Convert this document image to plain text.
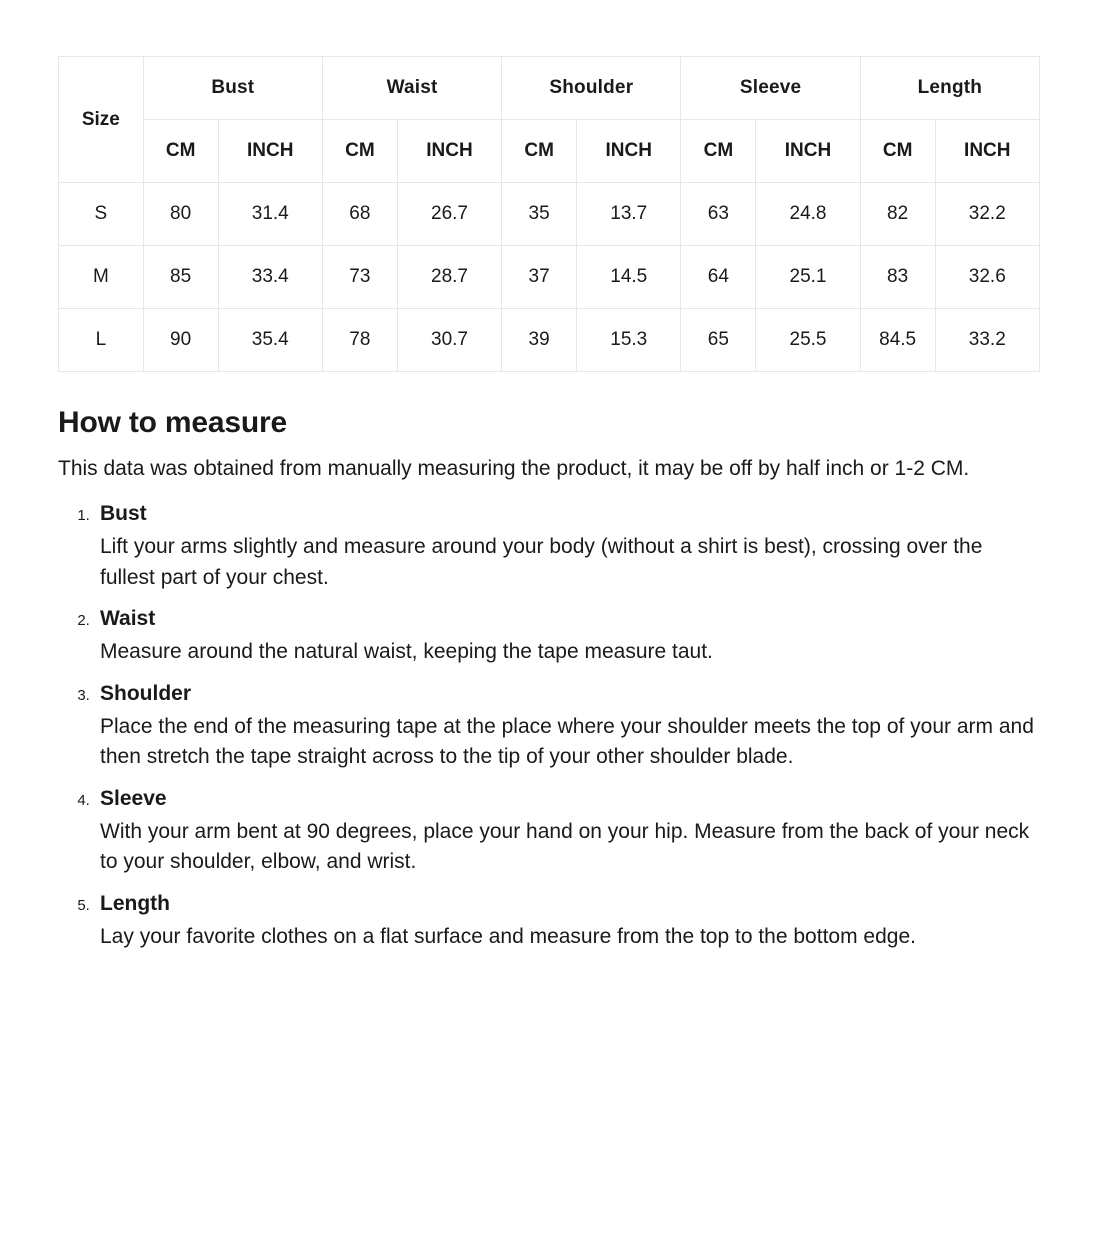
Size	Bust		Waist		Shoulder		Sleeve		Length	
	CM	INCH	CM	INCH	CM	INCH	CM	INCH	CM	INCH
S	80	31.4	68	26.7	35	13.7	63	24.8	82	32.2
M	85	33.4	73	28.7	37	14.5	64	25.1	83	32.6
L	90	35.4	78	30.7	39	15.3	65	25.5	84.5	33.2
How to measure

This data was obtained from manually measuring the product, it may be off by half inch or 1-2 CM.

1. Bust
Lift your arms slightly and measure around your body (without a shirt is best), crossing over the fullest part of your chest.
2. Waist
Measure around the natural waist, keeping the tape measure taut.
3. Shoulder
Place the end of the measuring tape at the place where your shoulder meets the top of your arm and then stretch the tape straight across to the tip of your other shoulder blade.
4. Sleeve
With your arm bent at 90 degrees, place your hand on your hip. Measure from the back of your neck to your shoulder, elbow, and wrist.
5. Length
Lay your favorite clothes on a flat surface and measure from the top to the bottom edge.
